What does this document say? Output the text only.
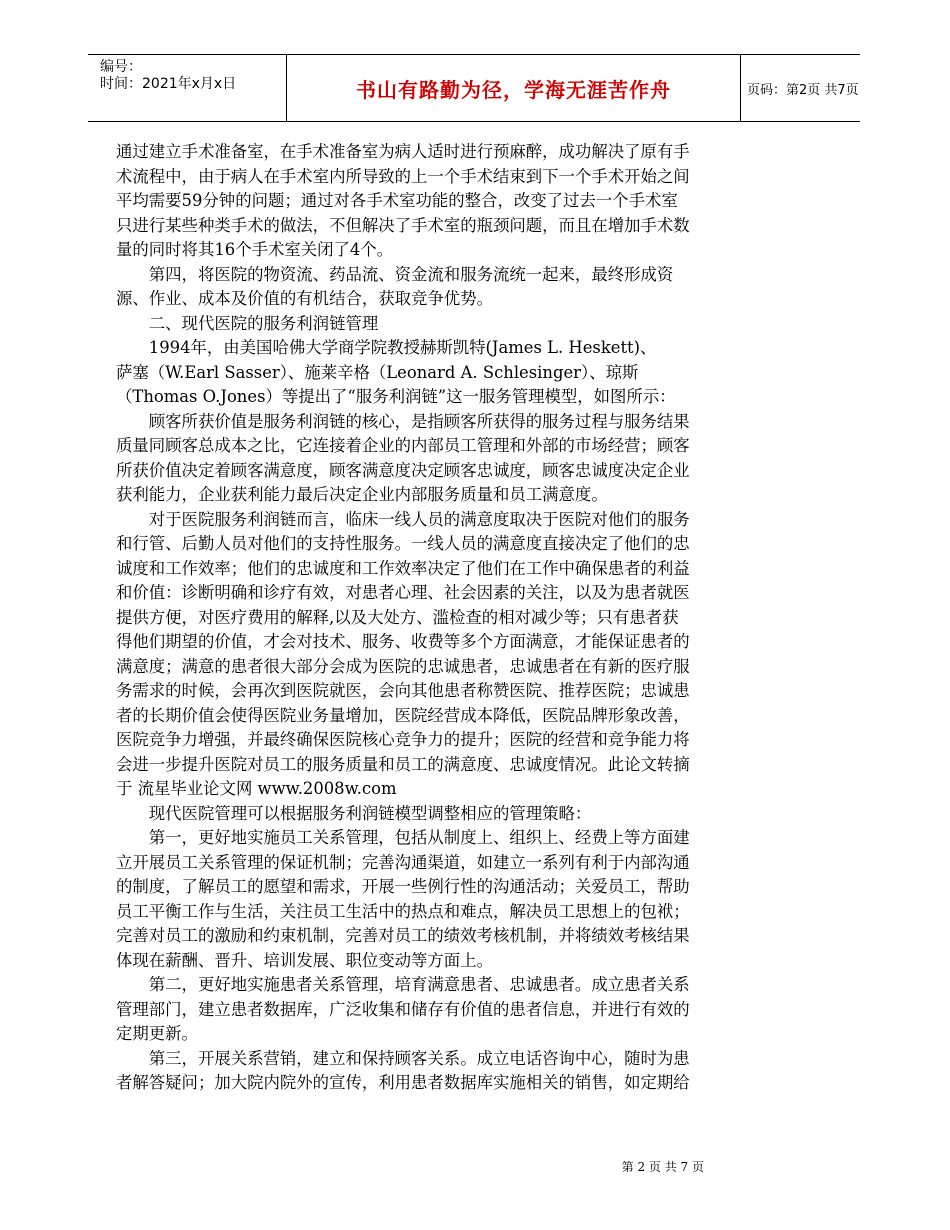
编号：
时间：2021年x月x日	书山有路勤为径，学海无涯苦作舟	页码：第2页 共7页
通过建立手术准备室，在手术准备室为病人适时进行预麻醉，成功解决了原有手
术流程中，由于病人在手术室内所导致的上一个手术结束到下一个手术开始之间
平均需要59分钟的问题；通过对各手术室功能的整合，改变了过去一个手术室
只进行某些种类手术的做法，不但解决了手术室的瓶颈问题，而且在增加手术数
量的同时将其16个手术室关闭了4个。
　　第四，将医院的物资流、药品流、资金流和服务流统一起来，最终形成资
源、作业、成本及价值的有机结合，获取竞争优势。
　　二、现代医院的服务利润链管理
　　1994年，由美国哈佛大学商学院教授赫斯凯特(James L. Heskett)、
萨塞（W.Earl Sasser）、施莱辛格（Leonard A. Schlesinger）、琼斯
（Thomas O.Jones）等提出了“服务利润链”这一服务管理模型，如图所示：
　　顾客所获价值是服务利润链的核心，是指顾客所获得的服务过程与服务结果
质量同顾客总成本之比，它连接着企业的内部员工管理和外部的市场经营；顾客
所获价值决定着顾客满意度，顾客满意度决定顾客忠诚度，顾客忠诚度决定企业
获利能力，企业获利能力最后决定企业内部服务质量和员工满意度。
　　对于医院服务利润链而言，临床一线人员的满意度取决于医院对他们的服务
和行管、后勤人员对他们的支持性服务。一线人员的满意度直接决定了他们的忠
诚度和工作效率；他们的忠诚度和工作效率决定了他们在工作中确保患者的利益
和价值：诊断明确和诊疗有效，对患者心理、社会因素的关注，以及为患者就医
提供方便，对医疗费用的解释,以及大处方、滥检查的相对减少等；只有患者获
得他们期望的价值，才会对技术、服务、收费等多个方面满意，才能保证患者的
满意度；满意的患者很大部分会成为医院的忠诚患者，忠诚患者在有新的医疗服
务需求的时候，会再次到医院就医，会向其他患者称赞医院、推荐医院；忠诚患
者的长期价值会使得医院业务量增加，医院经营成本降低，医院品牌形象改善，
医院竞争力增强，并最终确保医院核心竞争力的提升；医院的经营和竞争能力将
会进一步提升医院对员工的服务质量和员工的满意度、忠诚度情况。此论文转摘
于 流星毕业论文网 www.2008w.com
　　现代医院管理可以根据服务利润链模型调整相应的管理策略：
　　第一，更好地实施员工关系管理，包括从制度上、组织上、经费上等方面建
立开展员工关系管理的保证机制；完善沟通渠道，如建立一系列有利于内部沟通
的制度，了解员工的愿望和需求，开展一些例行性的沟通活动；关爱员工，帮助
员工平衡工作与生活，关注员工生活中的热点和难点，解决员工思想上的包袱；
完善对员工的激励和约束机制，完善对员工的绩效考核机制，并将绩效考核结果
体现在薪酬、晋升、培训发展、职位变动等方面上。
　　第二，更好地实施患者关系管理，培育满意患者、忠诚患者。成立患者关系
管理部门，建立患者数据库，广泛收集和储存有价值的患者信息，并进行有效的
定期更新。
　　第三，开展关系营销，建立和保持顾客关系。成立电话咨询中心，随时为患
者解答疑问；加大院内院外的宣传，利用患者数据库实施相关的销售，如定期给
第 2 页 共 7 页
